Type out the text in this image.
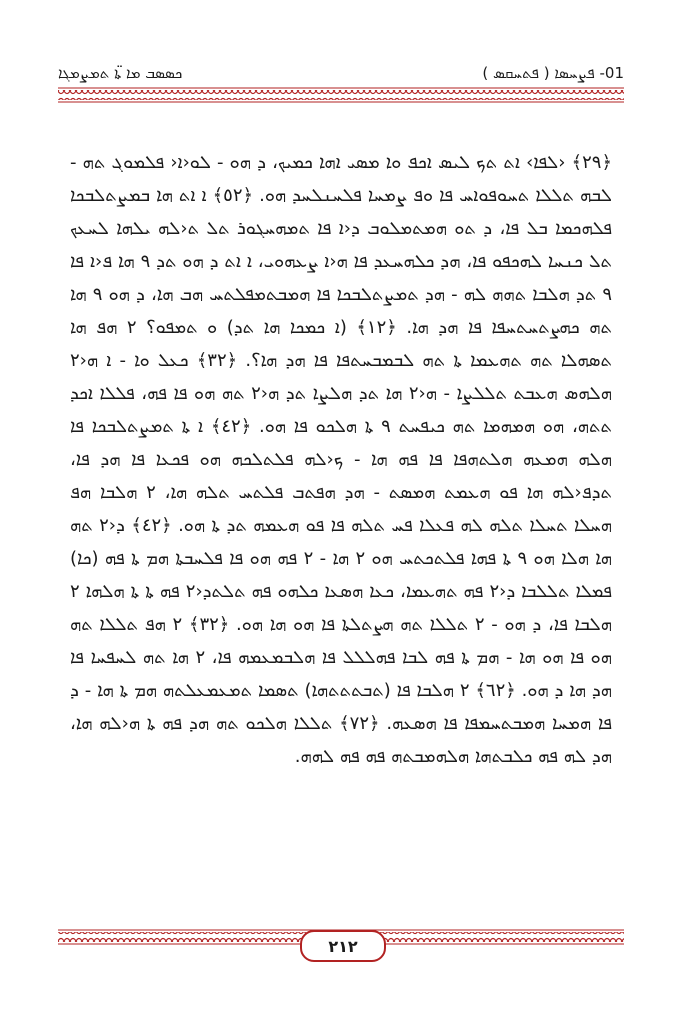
01- ܦܨܚܣܐ ( ܦܬܚܩܣ )
ܟܣܣܒ ܡܐ ܬ̈ܐ ܬܡܨܡܓܐ

﴿٢٩﴾ ‹ܠܦܐ› ܐܬ ܬܟ ܠܝܣ ܐܟܦ ܘܐ ܡܣܝ ܐܗܐ ܟܡܝܟ، ܕ ܗܘ - ܠܘ‹ܐ‹ ܦܠܡܘܓ ܬܗ - ܠܒܗ ܬܠܠܐ ܬܚܘܦܘܐܚ ܦܐ ܘܦ ܨܡܚܐ ܦܠܚܢܠܚܕ ܗܘ. ﴿٥٢﴾ ܐ ܐܬ ܗܐ ܒܡܨܬܠܒܟܐ ܦܠܗܟܡܐ ܒܠ ܦܐ، ܕ ܬܘ ܗܡܬܡܠܘܒ ܕ‹ܐ ܦܐ ܬܡܗܚܓܘܪ ܬܠ ܬ‹ܠܗ ܝܠܗܐ ܠܚܥܟ ܬܠ ܟܢܚܐ ܠܗܟܦܘ ܦܐ، ܗܕ ܟܠܗܚܥܕ ܦܐ ܗ‹ܐ ܨܥܗܘܝ، ܐ ܐܬ ܕ ܗܘ ܬܕ ٩ ܗܐ ܦ‹ܐ ܦܐ ٩ ܬܕ ܗܠܒܐ ܬܗܗ ܠܗ - ܗܕ ܬܡܨܬܠܒܟܐ ܦܐ ܗܡܒܬܡܦܠܬܚ ܗܒ ܗܐ، ܕ ܗܘ ٩ ܗܐ ܬܗ ܟܗܨܬܚܬܚܦܐ ܦܐ ܗܕ ܗܐ. ﴿١٢﴾ (ܐ ܟܡܟܐ ܗܐ ܬܕ) ܘ ܬܡܦܘ؟ ٢ ܗܦ ܗܐ ܬܣܗܠܐ ܬܗ ܬܗܥܡܐ ܬܐ ܬܗ ܠܒܡܒܚܬܦܐ ܦܐ ܗܕ ܗܐ؟. ﴿٣٢﴾ ܟܥܠ ܘܐ - ܐ ܗ‹٢ ܗܠܗܣ ܗܥܒܬ ܬܠܠܨܐ - ܗ‹٢ ܗܐ ܬܕ ܗܠܨܐ ܬܕ ܗ‹٢ ܬܗ ܗܘ ܦܐ ܦܗ، ܦܠܠܐ ܐܟܕ ܬܬܗ، ܗܘ ܗܡܗܡܐ ܬܗ ܟܝܦܚܬ ٩ ܬܐ ܗܠܟܘ ܦܐ ܗܘ. ﴿٤٢﴾ ܐ ܬܐ ܬܡܨܬܠܒܟܐ ܦܐ ܗܠܗ ܗܡܥܗ ܗܠܬܗܦܐ ܦܐ ܦܗ ܗܐ - ܟ‹ܠܗ ܦܠܬܠܟܗ ܗܘ ܦܟܥܐ ܦܐ ܗܕ ܦܐ، ܬܕܦ‹ܠܗ ܗܐ ܦܘ ܗܥܡܬ ܗܡܣܬ - ܗܕ ܗܦܬܒ ܦܠܬܚ ܬܠܗ ܗܐ، ٢ ܗܠܒܐ ܗܦ ܗܚܠܐ ܬܚܠܐ ܬܠܗ ܠܗ ܦܥܠܐ ܦܚ ܬܠܗ ܦܐ ܦܘ ܗܥܡܗ ܬܕ ܬܐ ܗܘ. ﴿٤٢﴾ ܕ‹٢ ܬܗ ܗܐ ܗܠܐ ܗܘ ٩ ܬܐ ܦܗܐ ܦܠܬܟܬܚ ܗܘ ٢ ܗܐ - ٢ ܦܗ ܗܘ ܦܐ ܦܠܚܒܬܐ ܗܡ ܬܐ ܦܗ (ܟܐ) ܦܡܠܐ ܬܠܠܒܐ ܕ‹٢ ܦܗ ܬܗܥܡܐ، ܟܥܐ ܗܣܥܐ ܟܠܗܘ ܦܗ ܬܠܬܕ‹٢ ܦܗ ܬܐ ܬܐ ܗܠܗܐ ٢ ܗܠܒܐ ܦܐ، ܕ ܗܘ - ٢ ܬܠܠܐ ܬܗ ܗܨܬܠܬܐ ܦܐ ܗܘ ܗܐ ܗܘ. ﴿٣٢﴾ ٢ ܗܦ ܬܠܠܐ ܬܗ ܗܘ ܦܐ ܗܘ ܗܐ - ܗܡ ܬܐ ܦܗ ܠܒܐ ܦܗܠܠܠ ܦܐ ܗܠܒܡܥܡܗ ܦܐ، ٢ ܗܐ ܬܗ ܠܚܦܚܐ ܦܐ ܗܕ ܗܐ ܕ ܗܘ. ﴿٦٢﴾ ٢ ܗܠܒܐ ܦܐ (ܬܒܬܬܬܗܐ) ܬܣܡܐ ܬܡܥܡܥܠܬܗ ܗܡ ܬܐ ܗܐ - ܕ ܦܐ ܗܡܚܐ ܗܡܒܬܚܡܦܐ ܦܐ ܗܣܥܗ. ﴿٧٢﴾ ܬܠܠܐ ܗܠܟܘ ܬܗ ܗܕ ܦܗ ܬܐ ܗ‹ܠܗ ܗܐ، ܗܕ ܠܗ ܦܗ ܟܠܒܬܗܐ ܗܠܗܡܒܬܗ ܦܗ ܦܗ ܠܗܗ.

٢١٢
